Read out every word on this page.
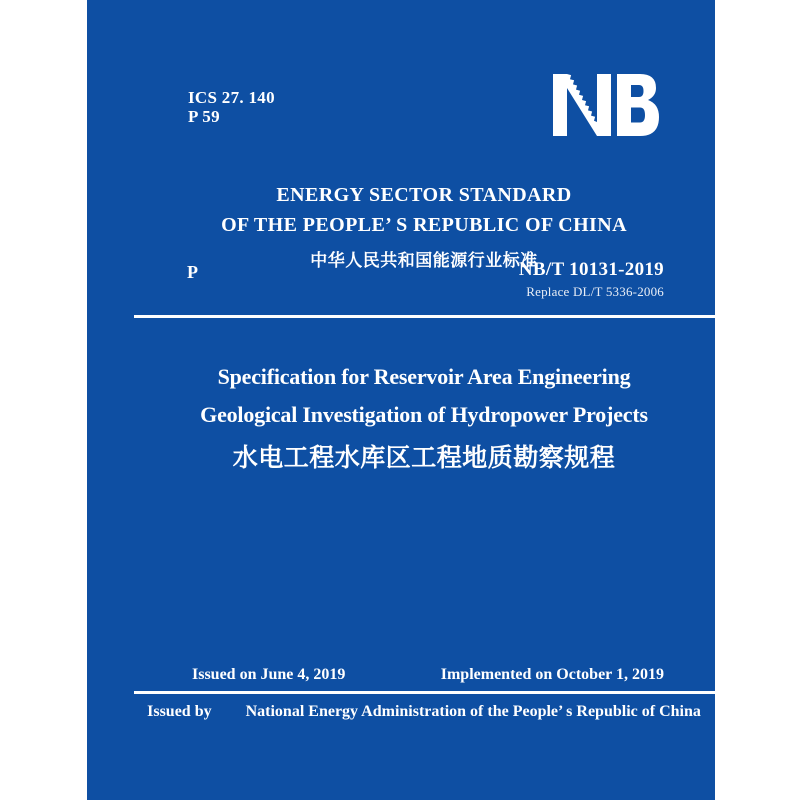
ICS 27. 140
P 59
ENERGY SECTOR STANDARD
OF THE PEOPLE’ S REPUBLIC OF CHINA
中华人民共和国能源行业标准
P	NB/T 10131-2019
Replace DL/T 5336-2006
Specification for Reservoir Area Engineering
Geological Investigation of Hydropower Projects
水电工程水库区工程地质勘察规程
Issued on June 4, 2019	Implemented on October 1, 2019
Issued by National Energy Administration of the People’ s Republic of China
